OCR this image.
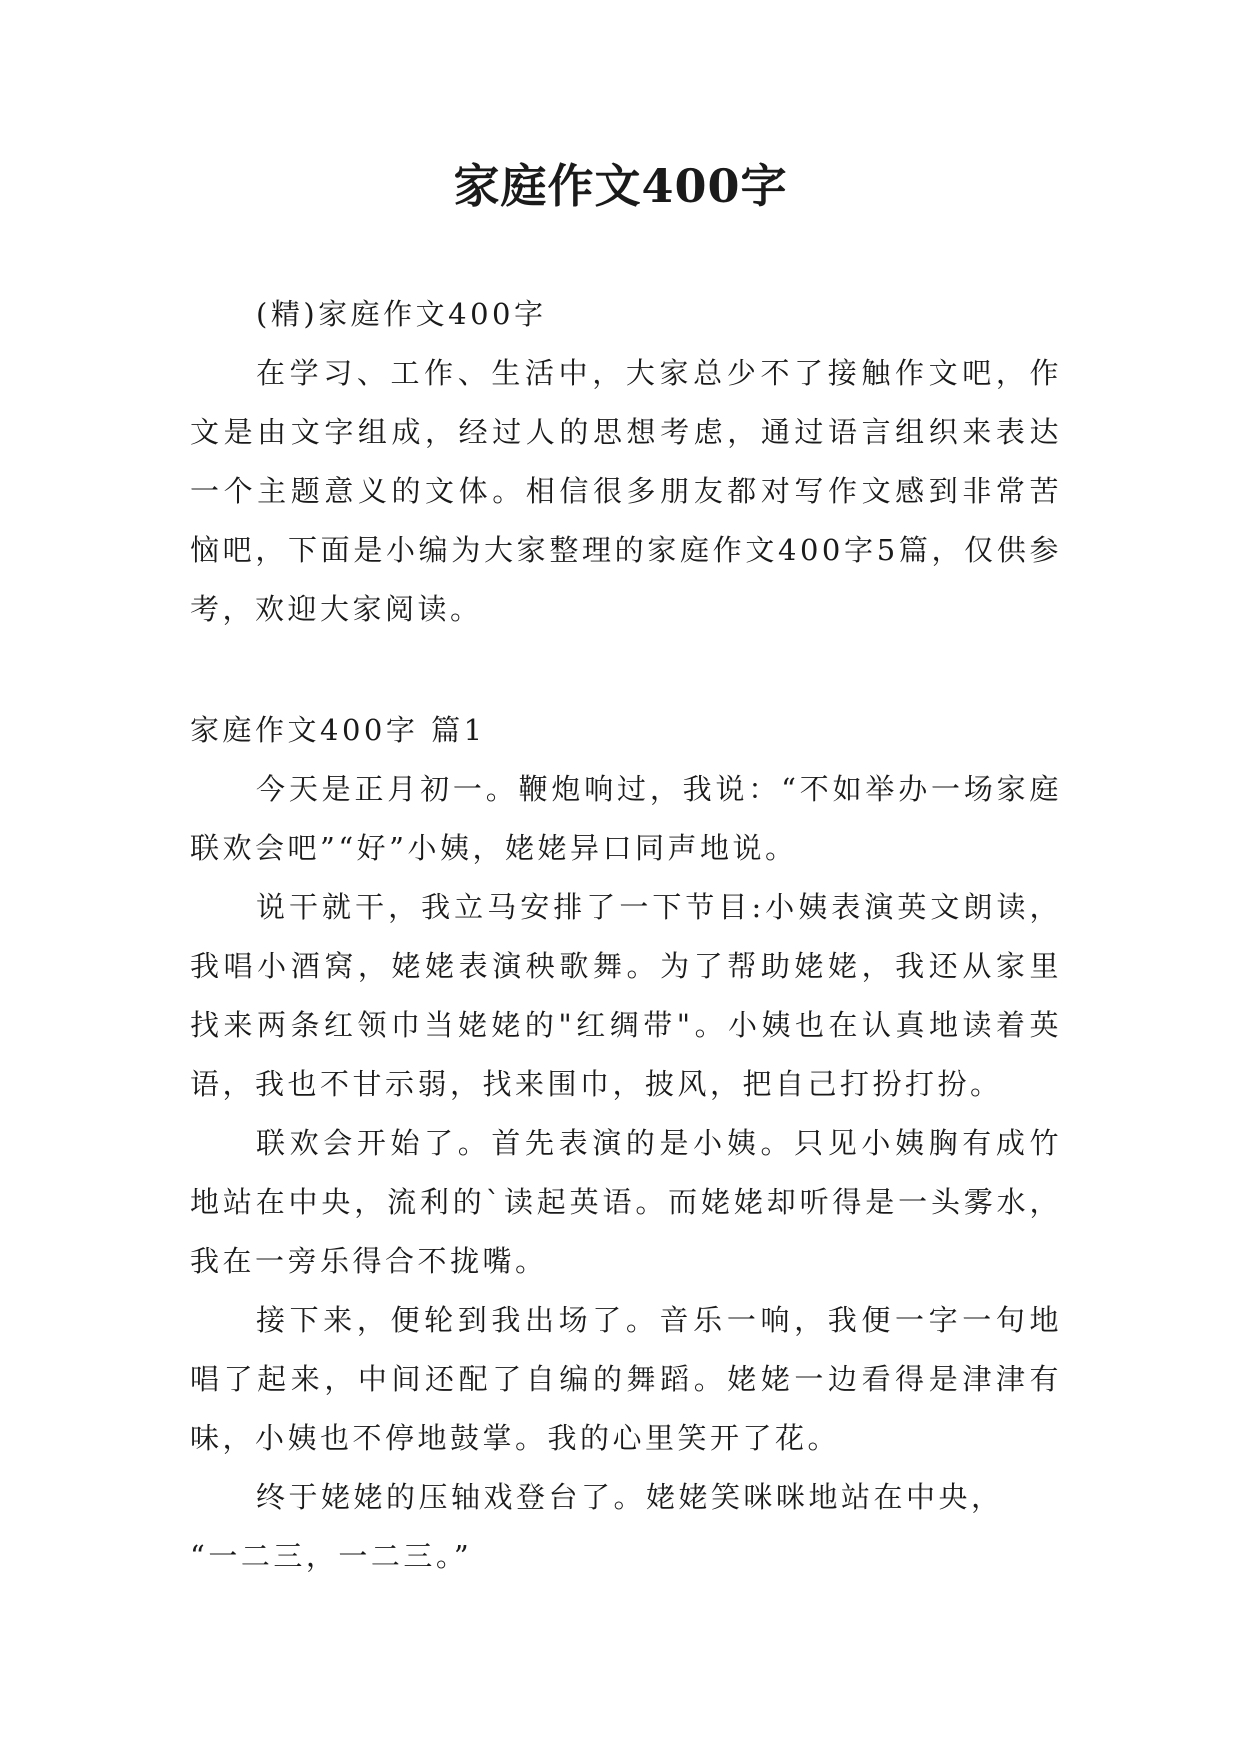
家庭作文400字

(精)家庭作文400字

在学习、工作、生活中，大家总少不了接触作文吧，作文是由文字组成，经过人的思想考虑，通过语言组织来表达一个主题意义的文体。相信很多朋友都对写作文感到非常苦恼吧，下面是小编为大家整理的家庭作文400字5篇，仅供参考，欢迎大家阅读。

家庭作文400字 篇1

今天是正月初一。鞭炮响过，我说：“不如举办一场家庭联欢会吧”“好”小姨，姥姥异口同声地说。

说干就干，我立马安排了一下节目:小姨表演英文朗读，我唱小酒窝，姥姥表演秧歌舞。为了帮助姥姥，我还从家里找来两条红领巾当姥姥的"红绸带"。小姨也在认真地读着英语，我也不甘示弱，找来围巾，披风，把自己打扮打扮。

联欢会开始了。首先表演的是小姨。只见小姨胸有成竹地站在中央，流利的`读起英语。而姥姥却听得是一头雾水，我在一旁乐得合不拢嘴。

接下来，便轮到我出场了。音乐一响，我便一字一句地唱了起来，中间还配了自编的舞蹈。姥姥一边看得是津津有味，小姨也不停地鼓掌。我的心里笑开了花。

终于姥姥的压轴戏登台了。姥姥笑咪咪地站在中央，

“一二三，一二三。”
